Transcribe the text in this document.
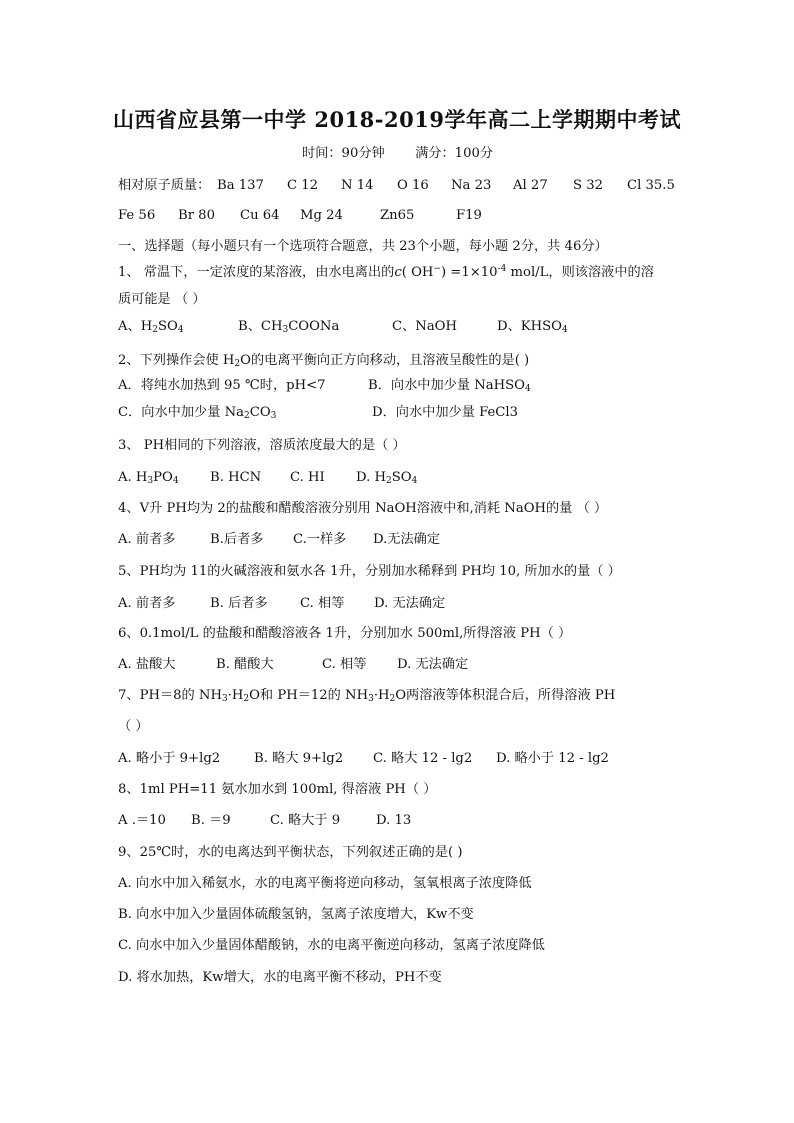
山西省应县第一中学 2018-2019学年高二上学期期中考试
时间：90分钟 满分：100分
相对原子质量： Ba 137 C 12 N 14 O 16 Na 23 Al 27 S 32 Cl 35.5
Fe 56 Br 80 Cu 64 Mg 24	Zn65	F19
一、选择题（每小题只有一个选项符合题意，共 23个小题，每小题 2分，共 46分）
1、 常温下，一定浓度的某溶液，由水电离出的c( $OH^-) =1\times 10^{-4}$ mol/L，则该溶液中的溶
质可能是 （ ）
A、$H_2SO_4$	B、$CH_3COONa$	C、NaOH	D、$KHSO_4$
2、下列操作会使 $H_2O$的电离平衡向正方向移动，且溶液呈酸性的是( )
A．将纯水加热到 95 ℃时，pH<7	B．向水中加少量 NaHSO$_4$
C．向水中加少量 $Na_2CO_3$	D．向水中加少量 FeCl3
3、 PH相同的下列溶液，溶质浓度最大的是（ ）
A. $H_3PO_4$ B. HCN C. HI D. $H_2SO_4$
4、V升 PH均为 2的盐酸和醋酸溶液分别用 NaOH溶液中和,消耗 NaOH的量 （ ）
A. 前者多	B.后者多 C.一样多 D.无法确定
5、PH均为 11的火碱溶液和氨水各 1升，分别加水稀释到 PH均 10, 所加水的量（ ）
A. 前者多	B. 后者多 C. 相等 D. 无法确定
6、0.1mol/L 的盐酸和醋酸溶液各 1升，分别加水 500ml,所得溶液 PH（ ）
A. 盐酸大	B. 醋酸大	C. 相等 D. 无法确定
7、PH＝8的 $NH_3\cdot H_2O$和 PH＝12的 $NH_3\cdot H_2O$两溶液等体积混合后，所得溶液 PH
（ ）
A. 略小于 9+lg2	B. 略大 9+lg2 C. 略大 12 - lg2 D. 略小于 12 - lg2
8、1ml PH=11 氨水加水到 100ml, 得溶液 PH（ ）
A .＝10 B. ＝9	C. 略大于 9	D. 13
9、25℃时，水的电离达到平衡状态，下列叙述正确的是( )
A. 向水中加入稀氨水，水的电离平衡将逆向移动，氢氧根离子浓度降低
B. 向水中加入少量固体硫酸氢钠，氢离子浓度增大，Kw不变
C. 向水中加入少量固体醋酸钠，水的电离平衡逆向移动，氢离子浓度降低
D. 将水加热，Kw增大，水的电离平衡不移动，PH不变
